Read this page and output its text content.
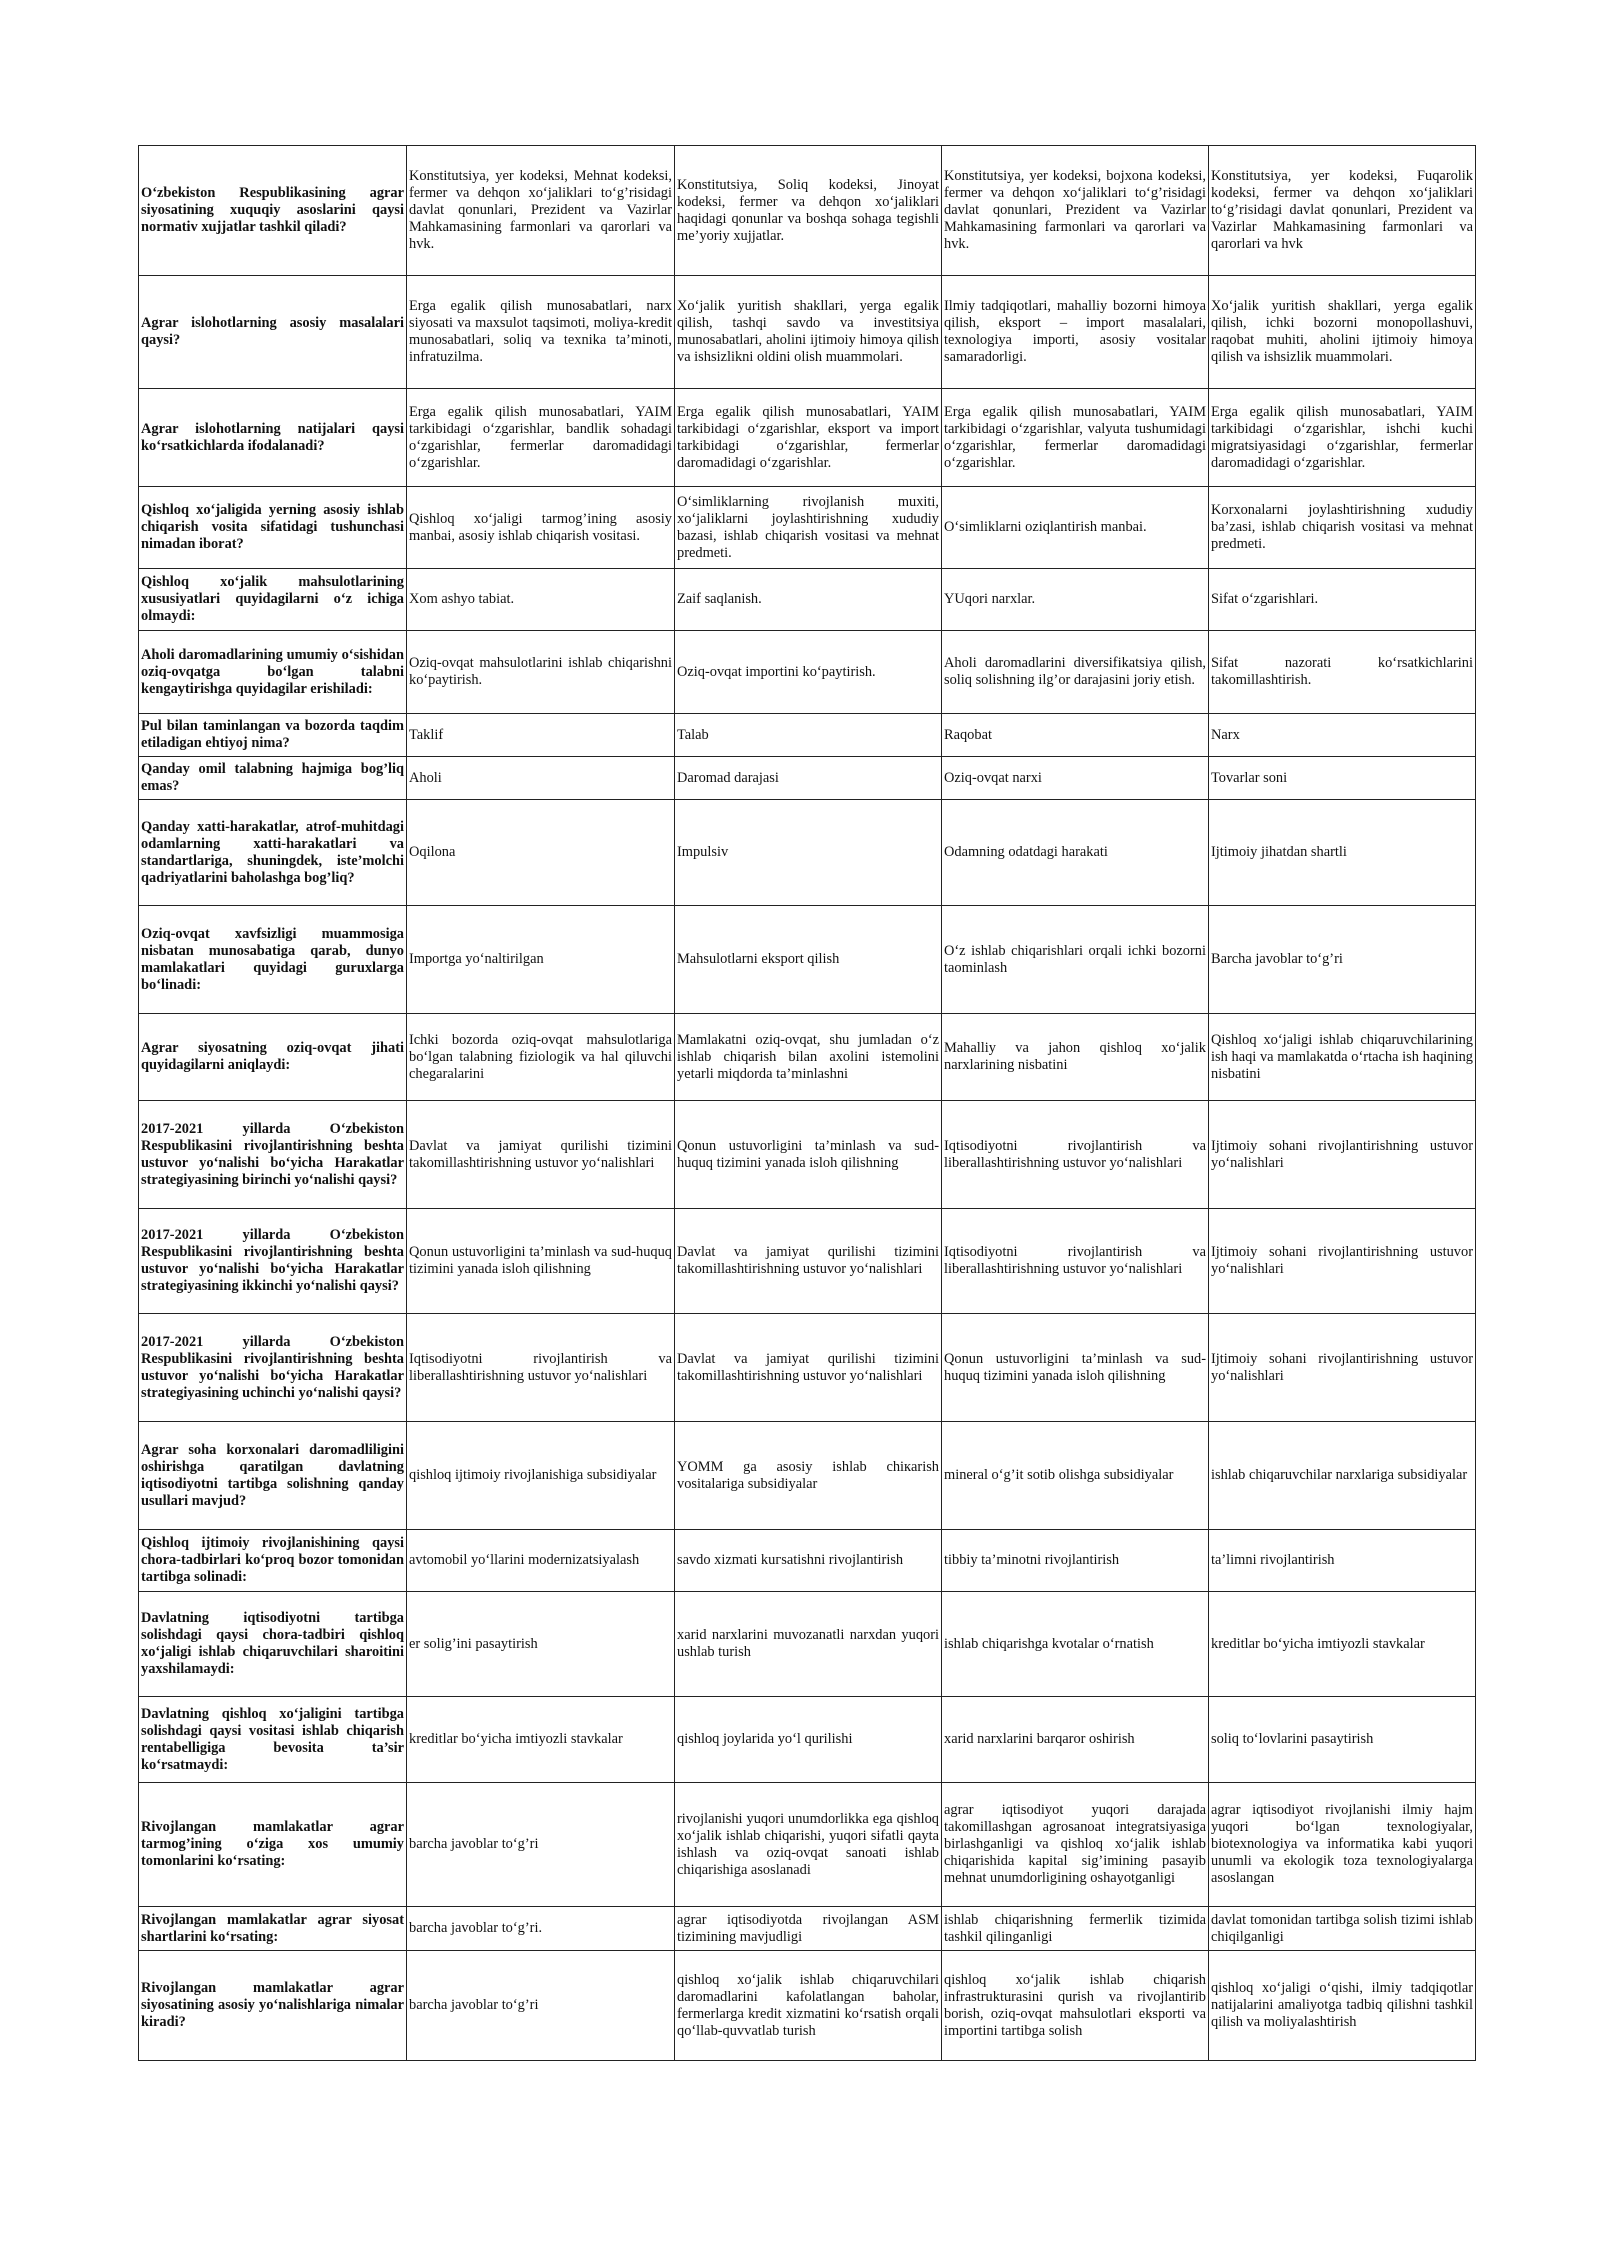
O‘zbekiston Respublikasining agrar siyosatining xuquqiy asoslarini qaysi normativ xujjatlar tashkil qiladi?	Konstitutsiya, yer kodeksi, Mehnat kodeksi, fermer va dehqon xo‘jaliklari to‘g’risidagi davlat qonunlari, Prezident va Vazirlar Mahkamasining farmonlari va qarorlari va hvk.	Konstitutsiya, Soliq kodeksi, Jinoyat kodeksi, fermer va dehqon xo‘jaliklari haqidagi qonunlar va boshqa sohaga tegishli me’yoriy xujjatlar.	Konstitutsiya, yer kodeksi, bojxona kodeksi, fermer va dehqon xo‘jaliklari to‘g’risidagi davlat qonunlari, Prezident va Vazirlar Mahkamasining farmonlari va qarorlari va hvk.	Konstitutsiya, yer kodeksi, Fuqarolik kodeksi, fermer va dehqon xo‘jaliklari to‘g’risidagi davlat qonunlari, Prezident va Vazirlar Mahkamasining farmonlari va qarorlari va hvk
Agrar islohotlarning asosiy masalalari qaysi?	Erga egalik qilish munosabatlari, narx siyosati va maxsulot taqsimoti, moliya-kredit munosabatlari, soliq va texnika ta’minoti, infratuzilma.	Xo‘jalik yuritish shakllari, yerga egalik qilish, tashqi savdo va investitsiya munosabatlari, aholini ijtimoiy himoya qilish va ishsizlikni oldini olish muammolari.	Ilmiy tadqiqotlari, mahalliy bozorni himoya qilish, eksport – import masalalari, texnologiya importi, asosiy vositalar samaradorligi.	Xo‘jalik yuritish shakllari, yerga egalik qilish, ichki bozorni monopollashuvi, raqobat muhiti, aholini ijtimoiy himoya qilish va ishsizlik muammolari.
Agrar islohotlarning natijalari qaysi ko‘rsatkichlarda ifodalanadi?	Erga egalik qilish munosabatlari, YAIM tarkibidagi o‘zgarishlar, bandlik sohadagi o‘zgarishlar, fermerlar daromadidagi o‘zgarishlar.	Erga egalik qilish munosabatlari, YAIM tarkibidagi o‘zgarishlar, eksport va import tarkibidagi o‘zgarishlar, fermerlar daromadidagi o‘zgarishlar.	Erga egalik qilish munosabatlari, YAIM tarkibidagi o‘zgarishlar, valyuta tushumidagi o‘zgarishlar, fermerlar daromadidagi o‘zgarishlar.	Erga egalik qilish munosabatlari, YAIM tarkibidagi o‘zgarishlar, ishchi kuchi migratsiyasidagi o‘zgarishlar, fermerlar daromadidagi o‘zgarishlar.
Qishloq xo‘jaligida yerning asosiy ishlab chiqarish vosita sifatidagi tushunchasi nimadan iborat?	Qishloq xo‘jaligi tarmog’ining asosiy manbai, asosiy ishlab chiqarish vositasi.	O‘simliklarning rivojlanish muxiti, xo‘jaliklarni joylashtirishning xududiy bazasi, ishlab chiqarish vositasi va mehnat predmeti.	O‘simliklarni oziqlantirish manbai.	Korxonalarni joylashtirishning xududiy ba’zasi, ishlab chiqarish vositasi va mehnat predmeti.
Qishloq xo‘jalik mahsulotlarining xususiyatlari quyidagilarni o‘z ichiga olmaydi:	Xom ashyo tabiat.	Zaif saqlanish.	YUqori narxlar.	Sifat o‘zgarishlari.
Aholi daromadlarining umumiy o‘sishidan oziq-ovqatga bo‘lgan talabni kengaytirishga quyidagilar erishiladi:	Oziq-ovqat mahsulotlarini ishlab chiqarishni ko‘paytirish.	Oziq-ovqat importini ko‘paytirish.	Aholi daromadlarini diversifikatsiya qilish, soliq solishning ilg’or darajasini joriy etish.	Sifat nazorati ko‘rsatkichlarini takomillashtirish.
Pul bilan taminlangan va bozorda taqdim etiladigan ehtiyoj nima?	Taklif	Talab	Raqobat	Narx
Qanday omil talabning hajmiga bog’liq emas?	Aholi	Daromad darajasi	Oziq-ovqat narxi	Tovarlar soni
Qanday xatti-harakatlar, atrof-muhitdagi odamlarning xatti-harakatlari va standartlariga, shuningdek, iste’molchi qadriyatlarini baholashga bog’liq?	Oqilona	Impulsiv	Odamning odatdagi harakati	Ijtimoiy jihatdan shartli
Oziq-ovqat xavfsizligi muammosiga nisbatan munosabatiga qarab, dunyo mamlakatlari quyidagi guruxlarga bo‘linadi:	Importga yo‘naltirilgan	Mahsulotlarni eksport qilish	O‘z ishlab chiqarishlari orqali ichki bozorni taominlash	Barcha javoblar to‘g’ri
Agrar siyosatning oziq-ovqat jihati quyidagilarni aniqlaydi:	Ichki bozorda oziq-ovqat mahsulotlariga bo‘lgan talabning fiziologik va hal qiluvchi chegaralarini	Mamlakatni oziq-ovqat, shu jumladan o‘z ishlab chiqarish bilan axolini istemolini yetarli miqdorda ta’minlashni	Mahalliy va jahon qishloq xo‘jalik narxlarining nisbatini	Qishloq xo‘jaligi ishlab chiqaruvchilarining ish haqi va mamlakatda o‘rtacha ish haqining nisbatini
2017-2021 yillarda O‘zbekiston Respublikasini rivojlantirishning beshta ustuvor yo‘nalishi bo‘yicha Harakatlar strategiyasining birinchi yo‘nalishi qaysi?	Davlat va jamiyat qurilishi tizimini takomillashtirishning ustuvor yo‘nalishlari	Qonun ustuvorligini ta’minlash va sud-huquq tizimini yanada isloh qilishning	Iqtisodiyotni rivojlantirish va liberallashtirishning ustuvor yo‘nalishlari	Ijtimoiy sohani rivojlantirishning ustuvor yo‘nalishlari
2017-2021 yillarda O‘zbekiston Respublikasini rivojlantirishning beshta ustuvor yo‘nalishi bo‘yicha Harakatlar strategiyasining ikkinchi yo‘nalishi qaysi?	Qonun ustuvorligini ta’minlash va sud-huquq tizimini yanada isloh qilishning	Davlat va jamiyat qurilishi tizimini takomillashtirishning ustuvor yo‘nalishlari	Iqtisodiyotni rivojlantirish va liberallashtirishning ustuvor yo‘nalishlari	Ijtimoiy sohani rivojlantirishning ustuvor yo‘nalishlari
2017-2021 yillarda O‘zbekiston Respublikasini rivojlantirishning beshta ustuvor yo‘nalishi bo‘yicha Harakatlar strategiyasining uchinchi yo‘nalishi qaysi?	Iqtisodiyotni rivojlantirish va liberallashtirishning ustuvor yo‘nalishlari	Davlat va jamiyat qurilishi tizimini takomillashtirishning ustuvor yo‘nalishlari	Qonun ustuvorligini ta’minlash va sud-huquq tizimini yanada isloh qilishning	Ijtimoiy sohani rivojlantirishning ustuvor yo‘nalishlari
Agrar soha korxonalari daromadliligini oshirishga qaratilgan davlatning iqtisodiyotni tartibga solishning qanday usullari mavjud?	qishloq ijtimoiy rivojlanishiga subsidiyalar	YOMM ga asosiy ishlab chiкarish vositalariga subsidiyalar	mineral o‘g’it sotib olishga subsidiyalar	ishlab chiqaruvchilar narxlariga subsidiyalar
Qishloq ijtimoiy rivojlanishining qaysi chora-tadbirlari ko‘proq bozor tomonidan tartibga solinadi:	avtomobil yo‘llarini modernizatsiyalash	savdo xizmati kuгsatishni rivojlantirish	tibbiy ta’minotni rivojlantirish	ta’limni rivojlantirish
Davlatning iqtisodiyotni tartibga solishdagi qaysi chora-tadbiri qishloq xo‘jaligi ishlab chiqaruvchilari sharoitini yaxshilamaydi:	er solig’ini pasaytirish	xarid narxlarini muvozanatli narxdan yuqori ushlab turish	ishlab chiqarishga kvotalar o‘rnatish	kreditlar bo‘yicha imtiyozli stavkalar
Davlatning qishloq xo‘jaligini tartibga solishdagi qaysi vositasi ishlab chiqarish rentabelligiga bevosita ta’sir ko‘rsatmaydi:	kreditlar bo‘yicha imtiyozli stavkalar	qishloq joylarida yo‘l qurilishi	xarid narxlarini barqaror oshirish	soliq to‘lovlarini pasaytirish
Rivojlangan mamlakatlar agrar tarmog’ining o‘ziga xos umumiy tomonlarini ko‘rsating:	barcha javoblar to‘g’ri	rivojlanishi yuqori unumdorlikka ega qishloq xo‘jalik ishlab chiqarishi, yuqori sifatli qayta ishlash va oziq-ovqat sanoati ishlab chiqarishiga asoslanadi	agrar iqtisodiyot yuqori darajada takomillashgan agrosanoat integratsiyasiga birlashganligi va qishloq xo‘jalik ishlab chiqarishida kapital sig’imining pasayib mehnat unumdorligining oshayotganligi	agrar iqtisodiyot rivojlanishi ilmiy hajm yuqori bo‘lgan texnologiyalar, biotexnologiya va informatika kabi yuqori unumli va ekologik toza texnologiyalarga asoslangan
Rivojlangan mamlakatlar agrar siyosat shartlarini ko‘rsating:	barcha javoblar to‘g’ri.	agrar iqtisodiyotda rivojlangan ASM tizimining mavjudligi	ishlab chiqarishning fermerlik tizimida tashkil qilinganligi	davlat tomonidan tartibga solish tizimi ishlab chiqilganligi
Rivojlangan mamlakatlar agrar siyosatining asosiy yo‘nalishlariga nimalar kiradi?	barcha javoblar to‘g’ri	qishloq xo‘jalik ishlab chiqaruvchilari daromadlarini kafolatlangan baholar, fermerlarga kredit xizmatini ko‘rsatish orqali qo‘llab-quvvatlab turish	qishloq xo‘jalik ishlab chiqarish infrastrukturasini qurish va rivojlantirib borish, oziq-ovqat mahsulotlari eksporti va importini tartibga solish	qishloq xo‘jaligi o‘qishi, ilmiy tadqiqotlar natijalarini amaliyotga tadbiq qilishni tashkil qilish va moliyalashtirish
